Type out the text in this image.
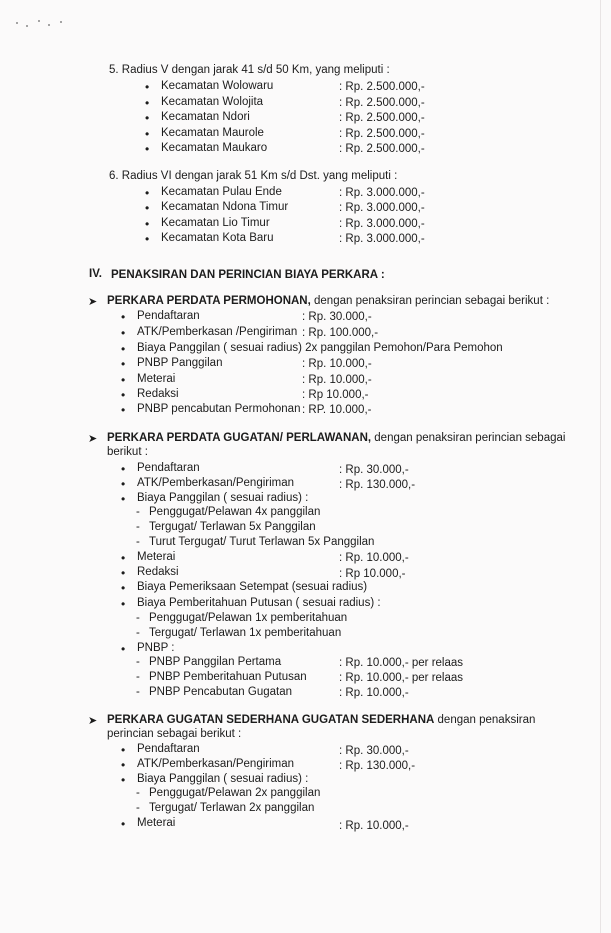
5. Radius V dengan jarak 41 s/d 50 Km, yang meliputi :
• Kecamatan Wolowaru	: Rp. 2.500.000,-
• Kecamatan Wolojita	: Rp. 2.500.000,-
• Kecamatan Ndori	: Rp. 2.500.000,-
• Kecamatan Maurole	: Rp. 2.500.000,-
• Kecamatan Maukaro	: Rp. 2.500.000,-
6. Radius VI dengan jarak 51 Km s/d Dst. yang meliputi :
• Kecamatan Pulau Ende	: Rp. 3.000.000,-
• Kecamatan Ndona Timur	: Rp. 3.000.000,-
• Kecamatan Lio Timur	: Rp. 3.000.000,-
• Kecamatan Kota Baru	: Rp. 3.000.000,-
IV. PENAKSIRAN DAN PERINCIAN BIAYA PERKARA :
➤ PERKARA PERDATA PERMOHONAN, dengan penaksiran perincian sebagai berikut :
• Pendaftaran	: Rp. 30.000,-
• ATK/Pemberkasan /Pengiriman : Rp. 100.000,-
• Biaya Panggilan ( sesuai radius) 2x panggilan Pemohon/Para Pemohon
• PNBP Panggilan	: Rp. 10.000,-
• Meterai	: Rp. 10.000,-
• Redaksi	: Rp 10.000,-
• PNBP pencabutan Permohonan : RP. 10.000,-
➤ PERKARA PERDATA GUGATAN/ PERLAWANAN, dengan penaksiran perincian sebagai
berikut :
• Pendaftaran	: Rp. 30.000,-
• ATK/Pemberkasan/Pengiriman	: Rp. 130.000,-
• Biaya Panggilan ( sesuai radius) :
- Penggugat/Pelawan 4x panggilan
- Tergugat/ Terlawan 5x Panggilan
- Turut Tergugat/ Turut Terlawan 5x Panggilan
• Meterai	: Rp. 10.000,-
• Redaksi	: Rp 10.000,-
• Biaya Pemeriksaan Setempat (sesuai radius)
• Biaya Pemberitahuan Putusan ( sesuai radius) :
- Penggugat/Pelawan 1x pemberitahuan
- Tergugat/ Terlawan 1x pemberitahuan
• PNBP :
- PNBP Panggilan Pertama	: Rp. 10.000,- per relaas
- PNBP Pemberitahuan Putusan	: Rp. 10.000,- per relaas
- PNBP Pencabutan Gugatan	: Rp. 10.000,-
➤ PERKARA GUGATAN SEDERHANA GUGATAN SEDERHANA dengan penaksiran
perincian sebagai berikut :
• Pendaftaran	: Rp. 30.000,-
• ATK/Pemberkasan/Pengiriman	: Rp. 130.000,-
• Biaya Panggilan ( sesuai radius) :
- Penggugat/Pelawan 2x panggilan
- Tergugat/ Terlawan 2x panggilan
• Meterai	: Rp. 10.000,-
